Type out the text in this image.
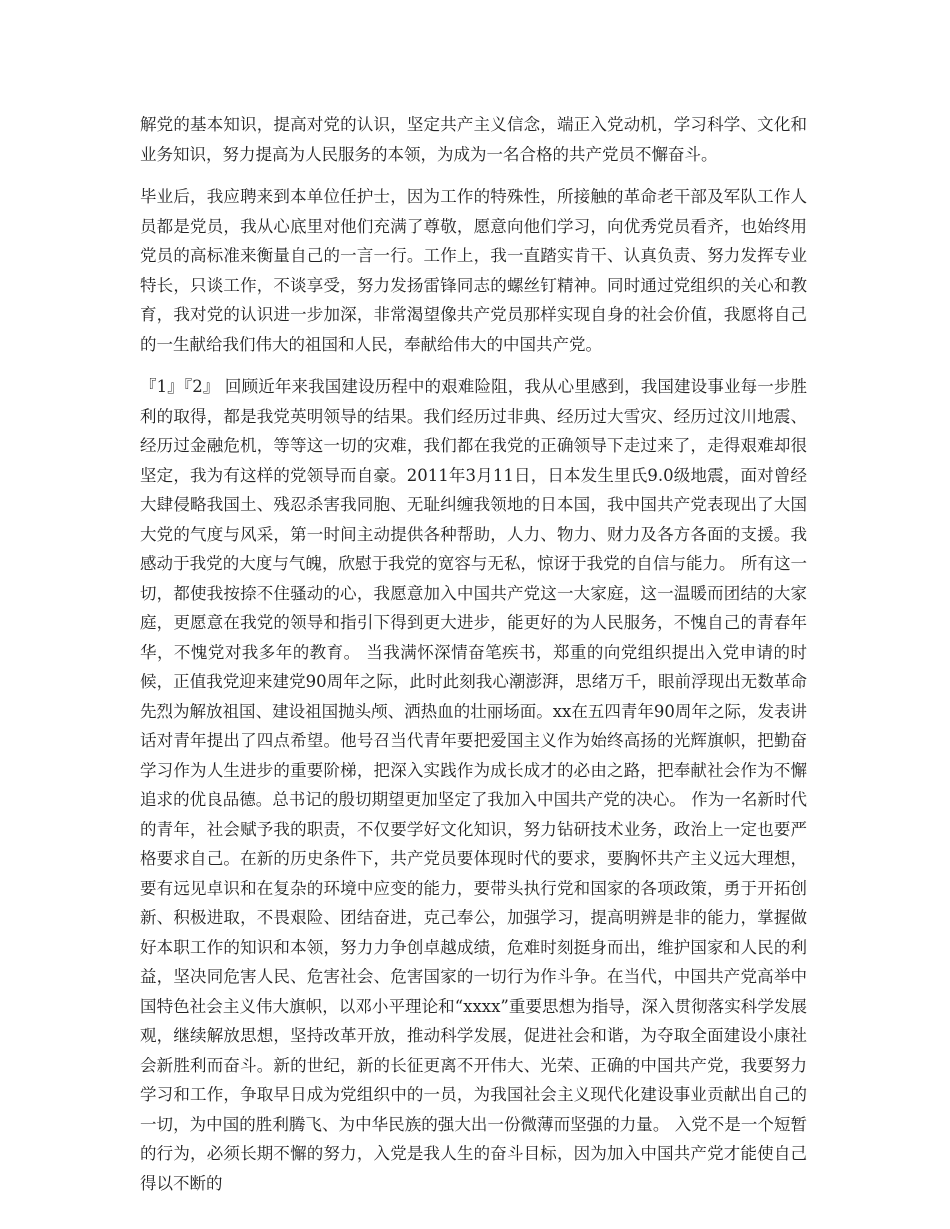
解党的基本知识，提高对党的认识，坚定共产主义信念，端正入党动机，学习科学、文化和业务知识，努力提高为人民服务的本领，为成为一名合格的共产党员不懈奋斗。

毕业后，我应聘来到本单位任护士，因为工作的特殊性，所接触的革命老干部及军队工作人员都是党员，我从心底里对他们充满了尊敬，愿意向他们学习，向优秀党员看齐，也始终用党员的高标准来衡量自己的一言一行。工作上，我一直踏实肯干、认真负责、努力发挥专业特长，只谈工作，不谈享受，努力发扬雷锋同志的螺丝钉精神。同时通过党组织的关心和教育，我对党的认识进一步加深，非常渴望像共产党员那样实现自身的社会价值，我愿将自己的一生献给我们伟大的祖国和人民，奉献给伟大的中国共产党。

『1』『2』 回顾近年来我国建设历程中的艰难险阻，我从心里感到，我国建设事业每一步胜利的取得，都是我党英明领导的结果。我们经历过非典、经历过大雪灾、经历过汶川地震、经历过金融危机，等等这一切的灾难，我们都在我党的正确领导下走过来了，走得艰难却很坚定，我为有这样的党领导而自豪。2011年3月11日，日本发生里氏9.0级地震，面对曾经大肆侵略我国土、残忍杀害我同胞、无耻纠缠我领地的日本国，我中国共产党表现出了大国大党的气度与风采，第一时间主动提供各种帮助，人力、物力、财力及各方各面的支援。我感动于我党的大度与气魄，欣慰于我党的宽容与无私，惊讶于我党的自信与能力。 所有这一切，都使我按捺不住骚动的心，我愿意加入中国共产党这一大家庭，这一温暖而团结的大家庭，更愿意在我党的领导和指引下得到更大进步，能更好的为人民服务，不愧自己的青春年华，不愧党对我多年的教育。 当我满怀深情奋笔疾书，郑重的向党组织提出入党申请的时候，正值我党迎来建党90周年之际，此时此刻我心潮澎湃，思绪万千，眼前浮现出无数革命先烈为解放祖国、建设祖国抛头颅、洒热血的壮丽场面。xx在五四青年90周年之际，发表讲话对青年提出了四点希望。他号召当代青年要把爱国主义作为始终高扬的光辉旗帜，把勤奋学习作为人生进步的重要阶梯，把深入实践作为成长成才的必由之路，把奉献社会作为不懈追求的优良品德。总书记的殷切期望更加坚定了我加入中国共产党的决心。 作为一名新时代的青年，社会赋予我的职责，不仅要学好文化知识，努力钻研技术业务，政治上一定也要严格要求自己。在新的历史条件下，共产党员要体现时代的要求，要胸怀共产主义远大理想，要有远见卓识和在复杂的环境中应变的能力，要带头执行党和国家的各项政策，勇于开拓创新、积极进取，不畏艰险、团结奋进，克己奉公，加强学习，提高明辨是非的能力，掌握做好本职工作的知识和本领，努力力争创卓越成绩，危难时刻挺身而出，维护国家和人民的利益，坚决同危害人民、危害社会、危害国家的一切行为作斗争。在当代，中国共产党高举中国特色社会主义伟大旗帜，以邓小平理论和“xxxx”重要思想为指导，深入贯彻落实科学发展观，继续解放思想，坚持改革开放，推动科学发展，促进社会和谐，为夺取全面建设小康社会新胜利而奋斗。新的世纪，新的长征更离不开伟大、光荣、正确的中国共产党，我要努力学习和工作，争取早日成为党组织中的一员，为我国社会主义现代化建设事业贡献出自己的一切，为中国的胜利腾飞、为中华民族的强大出一份微薄而坚强的力量。 入党不是一个短暂的行为，必须长期不懈的努力，入党是我人生的奋斗目标，因为加入中国共产党才能使自己得以不断的
